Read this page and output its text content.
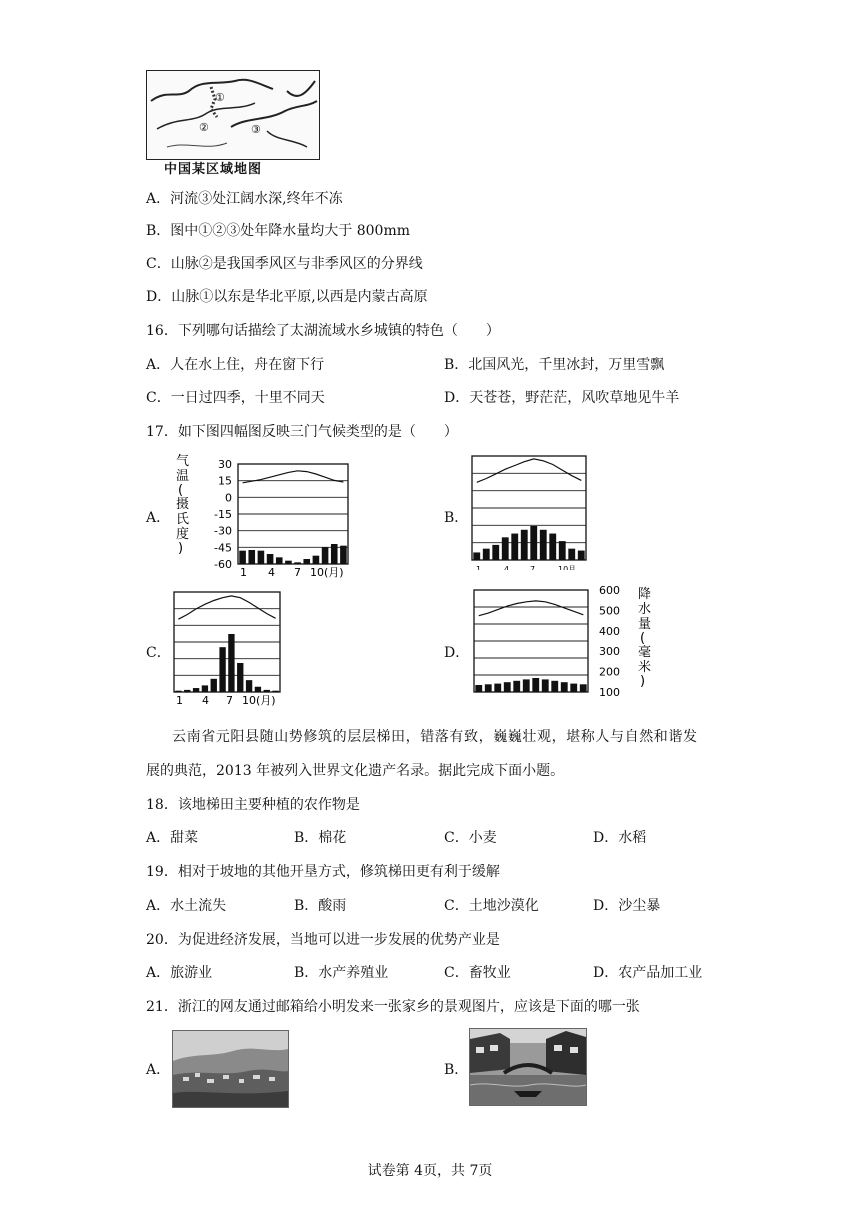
①
②	③
中国某区域地图
A．河流③处江阔水深,终年不冻
B．图中①②③处年降水量均大于 800mm
C．山脉②是我国季风区与非季风区的分界线
D．山脉①以东是华北平原,以西是内蒙古高原
16．下列哪句话描绘了太湖流域水乡城镇的特色（　　）
A．人在水上住，舟在窗下行	B．北国风光，千里冰封，万里雪飘
C．一日过四季，十里不同天	D．天苍苍，野茫茫，风吹草地见牛羊
17．如下图四幅图反映三门气候类型的是（　　）
A．	B．
C．	D．
气
温
(
摄
氏
度
)
30
15
0
-15
-30
-45
-60
1 4 7 10(月)	1	4	7	10 月
1 4 7 10(月)
600
500
400
300
200
100
降
水
量
(
毫
米
)
云南省元阳县随山势修筑的层层梯田，错落有致，巍巍壮观，堪称人与自然和谐发
展的典范，2013 年被列入世界文化遗产名录。据此完成下面小题。
18．该地梯田主要种植的农作物是
A．甜菜	B．棉花	C．小麦	D．水稻
19．相对于坡地的其他开垦方式，修筑梯田更有利于缓解
A．水土流失	B．酸雨	C．土地沙漠化	D．沙尘暴
20．为促进经济发展，当地可以进一步发展的优势产业是
A．旅游业	B．水产养殖业	C．畜牧业	D．农产品加工业
21．浙江的网友通过邮箱给小明发来一张家乡的景观图片，应该是下面的哪一张
A．	B．
试卷第 4页，共 7页
